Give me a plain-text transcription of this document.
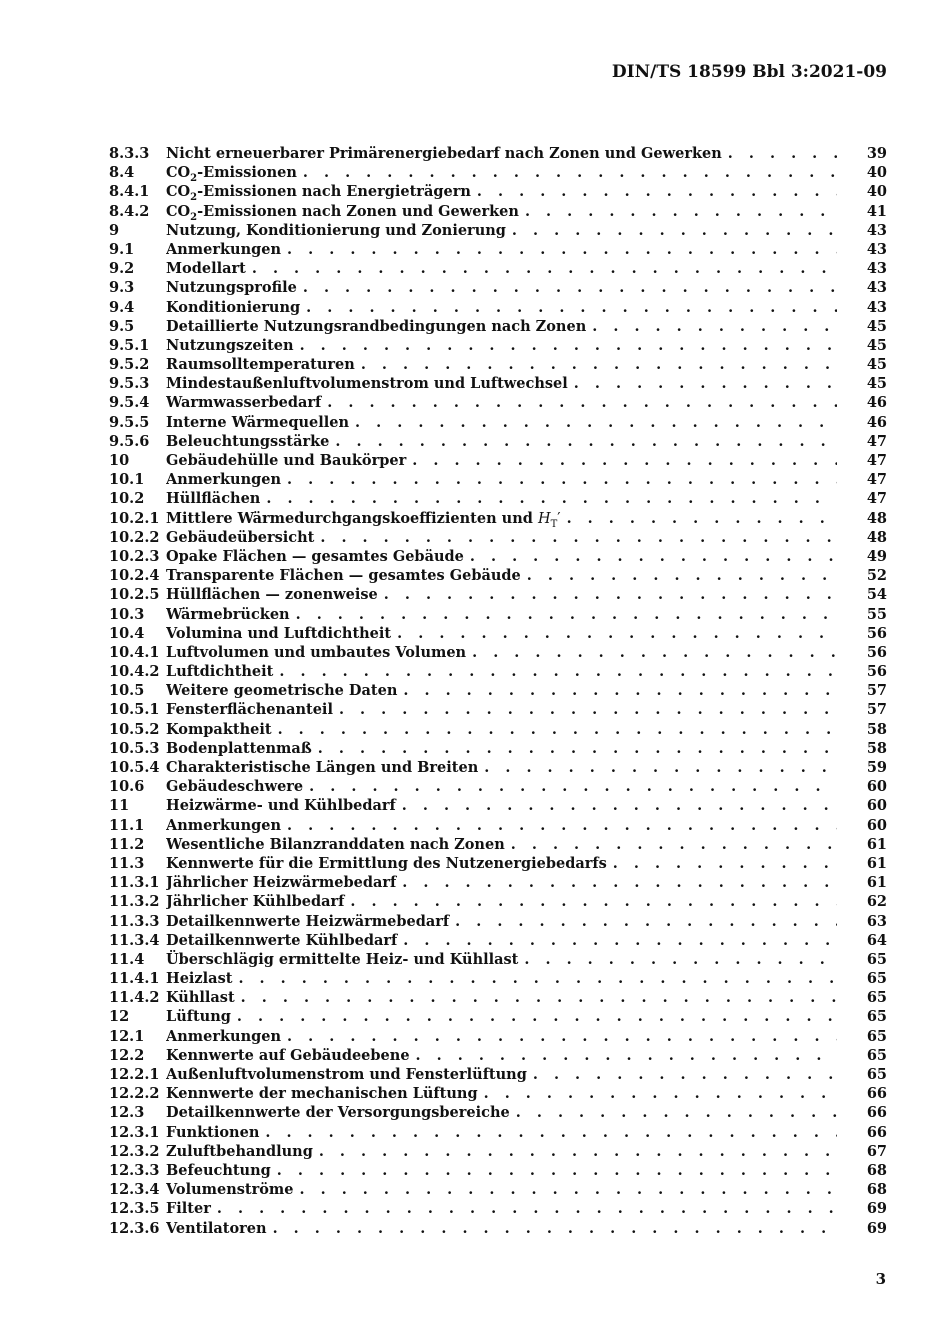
DIN/TS 18599 Bbl 3:2021-09
8.3.3	Nicht erneuerbarer Primärenergiebedarf nach Zonen und Gewerken . . .	39
8.4	$CO_2$-Emissionen . . .	40
8.4.1	$CO_2$-Emissionen nach Energieträgern . . .	40
8.4.2	$CO_2$-Emissionen nach Zonen und Gewerken . . .	41
9	Nutzung, Konditionierung und Zonierung . . .	43
9.1	Anmerkungen . . .	43
9.2	Modellart . . .	43
9.3	Nutzungsprofile . . .	43
9.4	Konditionierung . . .	43
9.5	Detaillierte Nutzungsrandbedingungen nach Zonen . . .	45
9.5.1	Nutzungszeiten . . .	45
9.5.2	Raumsolltemperaturen . . .	45
9.5.3	Mindestaußenluftvolumenstrom und Luftwechsel . . .	45
9.5.4	Warmwasserbedarf . . .	46
9.5.5	Interne Wärmequellen . . .	46
9.5.6	Beleuchtungsstärke . . .	47
10	Gebäudehülle und Baukörper . . .	47
10.1	Anmerkungen . . .	47
10.2	Hüllflächen . . .	47
10.2.1 Mittlere Wärmedurchgangskoeffizienten und $H_T'$ . . .	48
10.2.2 Gebäudeübersicht . . .	48
10.2.3 Opake Flächen — gesamtes Gebäude . . .	49
10.2.4 Transparente Flächen — gesamtes Gebäude . . .	52
10.2.5 Hüllflächen — zonenweise . . .	54
10.3	Wärmebrücken . . .	55
10.4	Volumina und Luftdichtheit . . .	56
10.4.1 Luftvolumen und umbautes Volumen . . .	56
10.4.2 Luftdichtheit . . .	56
10.5	Weitere geometrische Daten . . .	57
10.5.1 Fensterflächenanteil . . .	57
10.5.2 Kompaktheit . . .	58
10.5.3 Bodenplattenmaß . . .	58
10.5.4 Charakteristische Längen und Breiten . . .	59
10.6	Gebäudeschwere . . .	60
11	Heizwärme- und Kühlbedarf . . .	60
11.1	Anmerkungen . . .	60
11.2	Wesentliche Bilanzranddaten nach Zonen . . .	61
11.3	Kennwerte für die Ermittlung des Nutzenergiebedarfs . . .	61
11.3.1 Jährlicher Heizwärmebedarf . . .	61
11.3.2 Jährlicher Kühlbedarf . . .	62
11.3.3 Detailkennwerte Heizwärmebedarf . . .	63
11.3.4 Detailkennwerte Kühlbedarf . . .	64
11.4	Überschlägig ermittelte Heiz- und Kühllast . . .	65
11.4.1 Heizlast . . .	65
11.4.2 Kühllast . . .	65
12	Lüftung . . .	65
12.1	Anmerkungen . . .	65
12.2	Kennwerte auf Gebäudeebene . . .	65
12.2.1 Außenluftvolumenstrom und Fensterlüftung . . .	65
12.2.2 Kennwerte der mechanischen Lüftung . . .	66
12.3	Detailkennwerte der Versorgungsbereiche . . .	66
12.3.1 Funktionen . . .	66
12.3.2 Zuluftbehandlung . . .	67
12.3.3 Befeuchtung . . .	68
12.3.4 Volumenströme . . .	68
12.3.5 Filter . . .	69
12.3.6 Ventilatoren . . .	69
3
